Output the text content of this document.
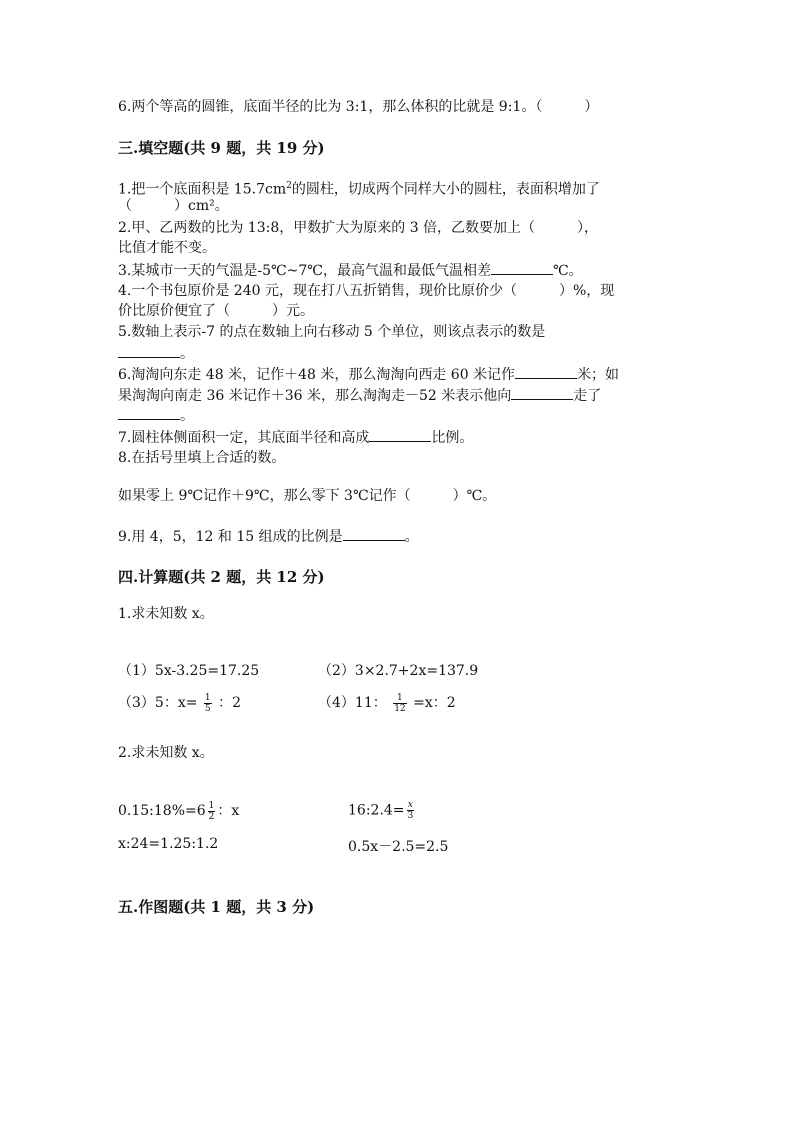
6.两个等高的圆锥，底面半径的比为 3:1，那么体积的比就是 9:1。（　　　）
三.填空题(共 9 题，共 19 分)
1.把一个底面积是 $15.7cm^2$的圆柱，切成两个同样大小的圆柱，表面积增加了
（　　　）cm²。
2.甲、乙两数的比为 13:8，甲数扩大为原来的 3 倍，乙数要加上（　　　），
比值才能不变。
3.某城市一天的气温是-5℃~7℃，最高气温和最低气温相差	℃。
4.一个书包原价是 240 元，现在打八五折销售，现价比原价少（　　　）%，现
价比原价便宜了（　　　）元。
5.数轴上表示-7 的点在数轴上向右移动 5 个单位，则该点表示的数是
。
6.淘淘向东走 48 米，记作＋48 米，那么淘淘向西走 60 米记作	米；如
果淘淘向南走 36 米记作＋36 米，那么淘淘走－52 米表示他向	走了
。
7.圆柱体侧面积一定，其底面半径和高成	比例。
8.在括号里填上合适的数。
如果零上 9℃记作＋9℃，那么零下 3℃记作（　　　）℃。
9.用 4，5，12 和 15 组成的比例是	。
四.计算题(共 2 题，共 12 分)
1.求未知数 x。
（1）5x-3.25=17.25	（2）3×2.7+2x=137.9
（3）5：$x= \frac{1}{5}$ ：2	（4）11： $\frac{1}{12} =x$：2
2.求未知数 x。
0.15:18%=6 $\frac{1}{2}$ ：x	16:2.4= $\frac{x}{3}$
x:24=1.25:1.2	0.5x－2.5=2.5
五.作图题(共 1 题，共 3 分)
